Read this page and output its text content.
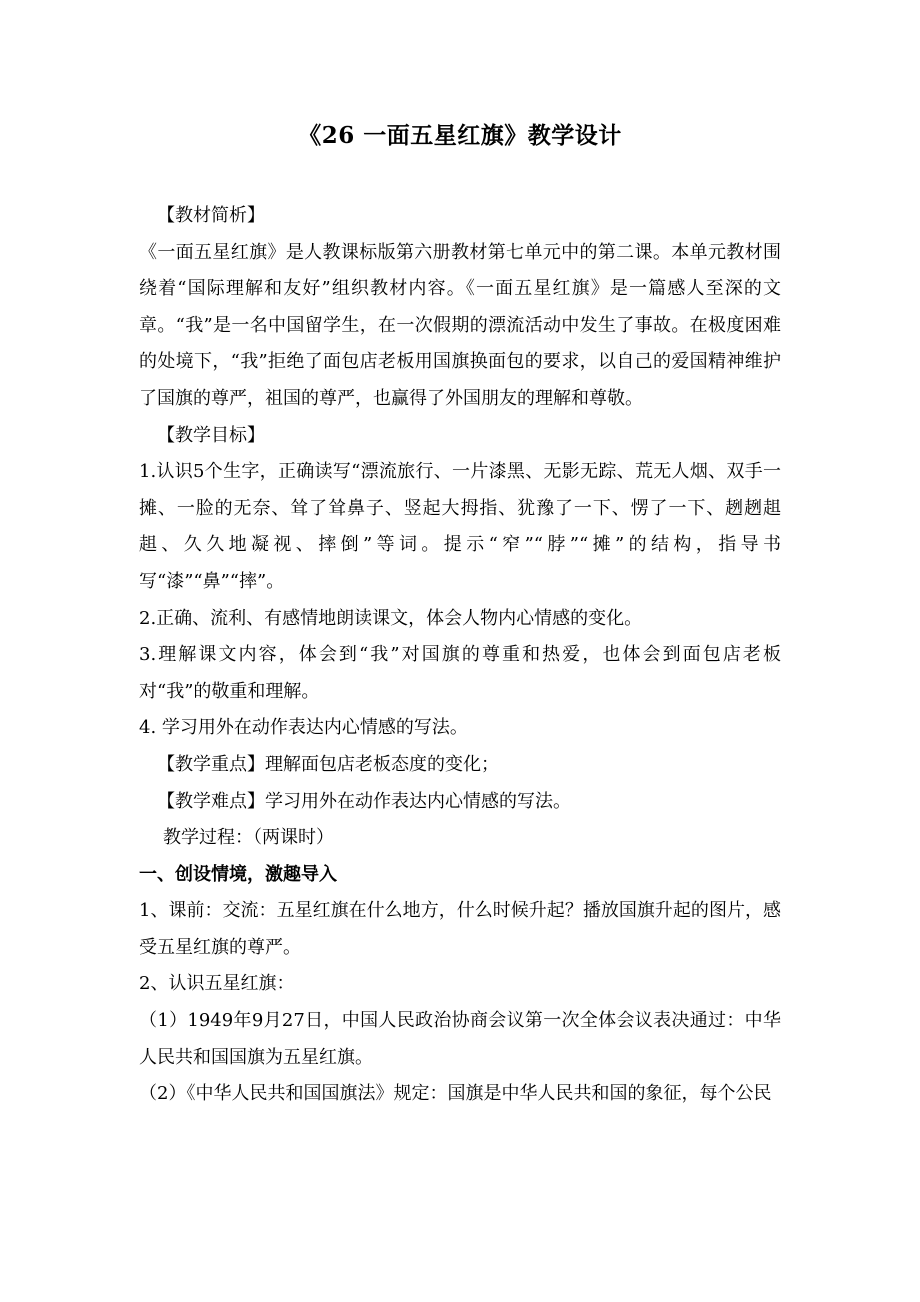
《26 一面五星红旗》教学设计

【教材简析】

《一面五星红旗》是人教课标版第六册教材第七单元中的第二课。本单元教材围绕着“国际理解和友好”组织教材内容。《一面五星红旗》是一篇感人至深的文章。“我”是一名中国留学生，在一次假期的漂流活动中发生了事故。在极度困难的处境下，“我”拒绝了面包店老板用国旗换面包的要求，以自己的爱国精神维护了国旗的尊严，祖国的尊严，也赢得了外国朋友的理解和尊敬。

【教学目标】

1.认识5个生字，正确读写“漂流旅行、一片漆黑、无影无踪、荒无人烟、双手一摊、一脸的无奈、耸了耸鼻子、竖起大拇指、犹豫了一下、愣了一下、趔趔趄趄、久久地凝视、摔倒”等词。提示“窄”“脖”“摊”的结构，指导书写“漆”“鼻”“摔”。

2.正确、流利、有感情地朗读课文，体会人物内心情感的变化。

3.理解课文内容，体会到“我”对国旗的尊重和热爱，也体会到面包店老板对“我”的敬重和理解。

4. 学习用外在动作表达内心情感的写法。

【教学重点】理解面包店老板态度的变化；

【教学难点】学习用外在动作表达内心情感的写法。

教学过程：（两课时）

一、创设情境，激趣导入

1、课前：交流：五星红旗在什么地方，什么时候升起？播放国旗升起的图片，感受五星红旗的尊严。

2、认识五星红旗：

（1）1949年9月27日，中国人民政治协商会议第一次全体会议表决通过：中华人民共和国国旗为五星红旗。

（2）《中华人民共和国国旗法》规定：国旗是中华人民共和国的象征，每个公民
